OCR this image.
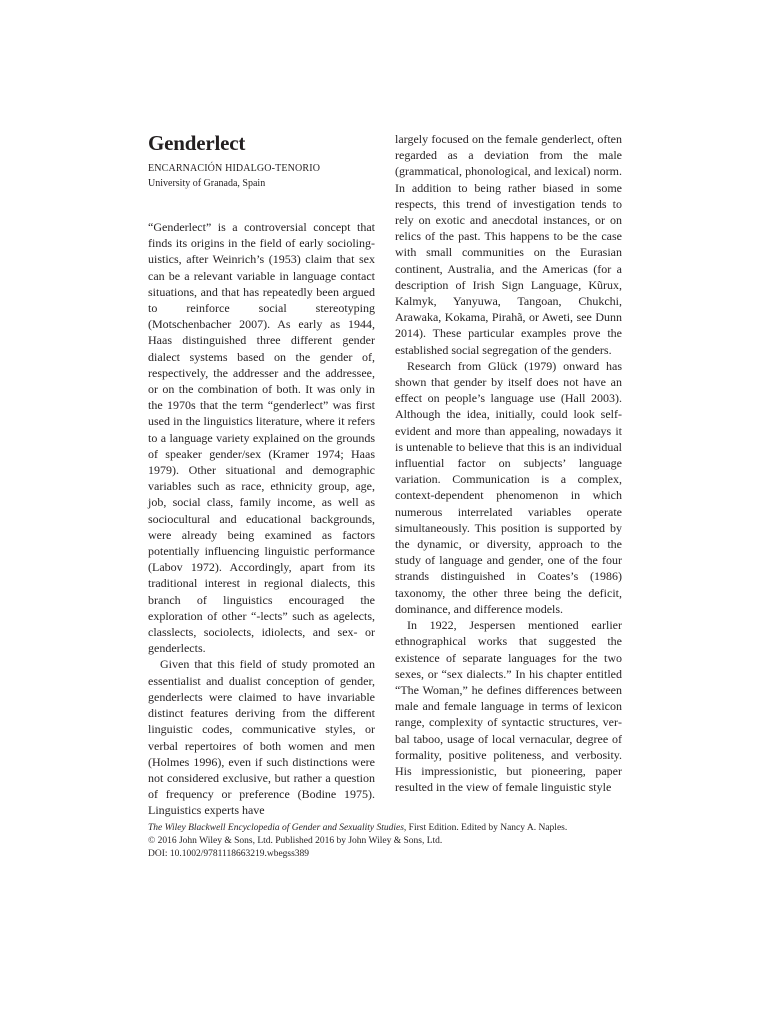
Genderlect
ENCARNACIÓN HIDALGO-TENORIO
University of Granada, Spain

“Genderlect” is a controversial concept that finds its origins in the field of early sociolinguistics, after Weinrich’s (1953) claim that sex can be a relevant variable in language contact situations, and that has repeatedly been argued to reinforce social stereotyping (Motschenbacher 2007). As early as 1944, Haas distinguished three different gender dialect systems based on the gender of, respectively, the addresser and the addressee, or on the combination of both. It was only in the 1970s that the term “genderlect” was first used in the linguistics literature, where it refers to a language variety explained on the grounds of speaker gender/sex (Kramer 1974; Haas 1979). Other situational and demographic variables such as race, ethnicity group, age, job, social class, family income, as well as sociocultural and educational backgrounds, were already being examined as factors potentially influencing linguistic performance (Labov 1972). Accordingly, apart from its traditional interest in regional dialects, this branch of linguistics encouraged the exploration of other “-lects” such as agelects, classlects, sociolects, idiolects, and sex- or genderlects.

Given that this field of study promoted an essentialist and dualist conception of gender, genderlects were claimed to have invariable distinct features deriving from the different linguistic codes, communicative styles, or verbal repertoires of both women and men (Holmes 1996), even if such distinctions were not considered exclusive, but rather a question of frequency or preference (Bodine 1975). Linguistics experts have

largely focused on the female genderlect, often regarded as a deviation from the male (grammatical, phonological, and lexical) norm. In addition to being rather biased in some respects, this trend of investigation tends to rely on exotic and anecdotal instances, or on relics of the past. This happens to be the case with small communities on the Eurasian continent, Australia, and the Americas (for a description of Irish Sign Language, Kũrux, Kalmyk, Yanyuwa, Tangoan, Chukchi, Arawaka, Kokama, Pirahã, or Aweti, see Dunn 2014). These particular examples prove the established social segregation of the genders.

Research from Glück (1979) onward has shown that gender by itself does not have an effect on people’s language use (Hall 2003). Although the idea, initially, could look self-evident and more than appealing, nowadays it is untenable to believe that this is an individual influential factor on subjects’ language variation. Communication is a complex, context-dependent phenomenon in which numerous interrelated variables operate simultaneously. This position is supported by the dynamic, or diversity, approach to the study of language and gender, one of the four strands distinguished in Coates’s (1986) taxonomy, the other three being the deficit, dominance, and difference models.

In 1922, Jespersen mentioned earlier ethnographical works that suggested the existence of separate languages for the two sexes, or “sex dialects.” In his chapter entitled “The Woman,” he defines differences between male and female language in terms of lexicon range, complexity of syntactic structures, verbal taboo, usage of local vernacular, degree of formality, positive politeness, and verbosity. His impressionistic, but pioneering, paper resulted in the view of female linguistic style

The Wiley Blackwell Encyclopedia of Gender and Sexuality Studies, First Edition. Edited by Nancy A. Naples.
© 2016 John Wiley & Sons, Ltd. Published 2016 by John Wiley & Sons, Ltd.
DOI: 10.1002/9781118663219.wbegss389
